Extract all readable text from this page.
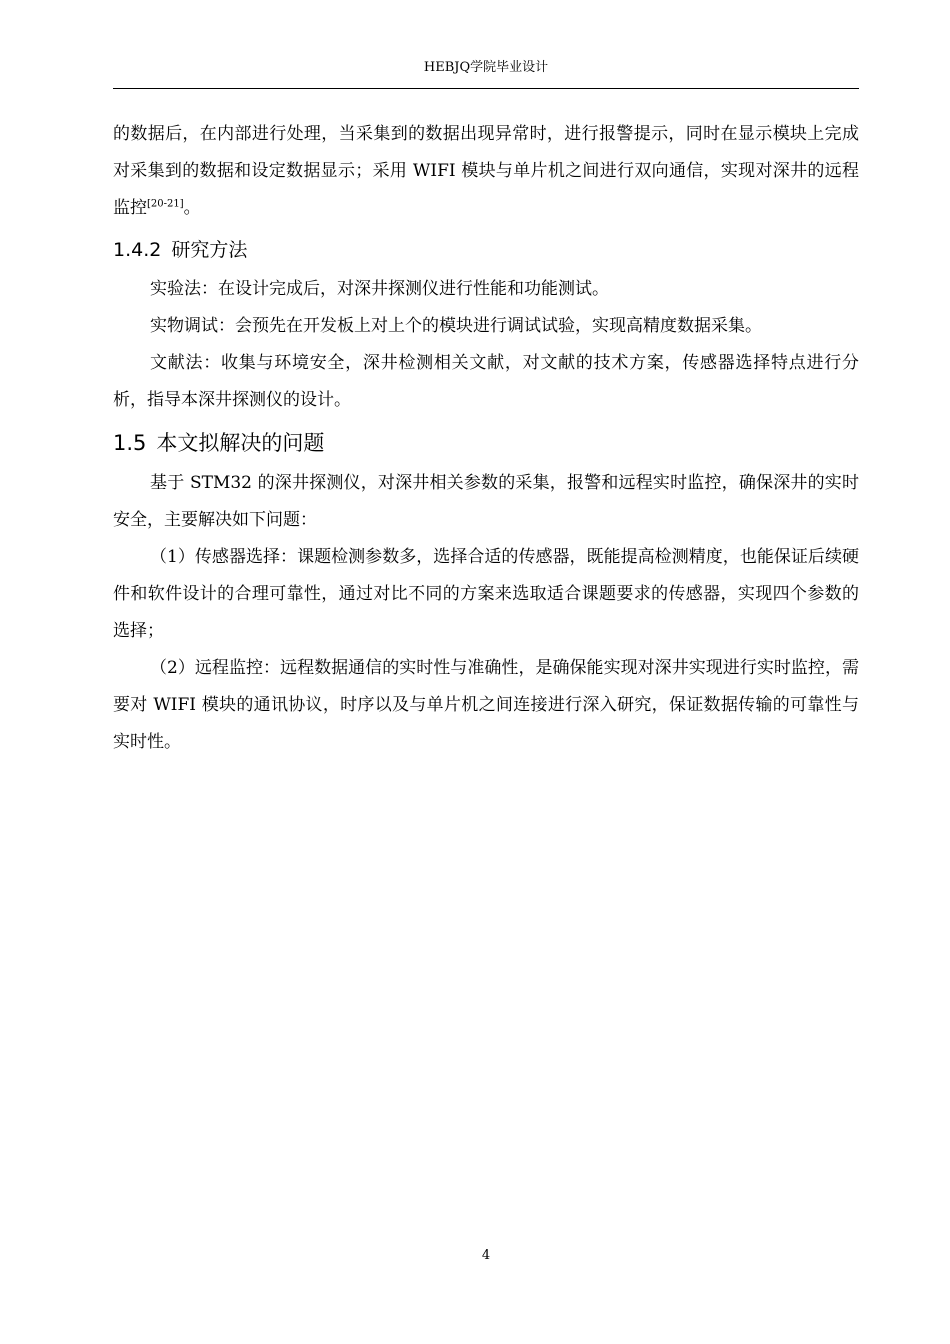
HEBJQ学院毕业设计

的数据后，在内部进行处理，当采集到的数据出现异常时，进行报警提示，同时在显示模块上完成对采集到的数据和设定数据显示；采用 WIFI 模块与单片机之间进行双向通信，实现对深井的远程监控[20-21]。

1.4.2 研究方法

实验法：在设计完成后，对深井探测仪进行性能和功能测试。

实物调试：会预先在开发板上对上个的模块进行调试试验，实现高精度数据采集。

文献法：收集与环境安全，深井检测相关文献，对文献的技术方案，传感器选择特点进行分析，指导本深井探测仪的设计。

1.5 本文拟解决的问题

基于 STM32 的深井探测仪，对深井相关参数的采集，报警和远程实时监控，确保深井的实时安全，主要解决如下问题：

（1）传感器选择：课题检测参数多，选择合适的传感器，既能提高检测精度，也能保证后续硬件和软件设计的合理可靠性，通过对比不同的方案来选取适合课题要求的传感器，实现四个参数的选择；

（2）远程监控：远程数据通信的实时性与准确性，是确保能实现对深井实现进行实时监控，需要对 WIFI 模块的通讯协议，时序以及与单片机之间连接进行深入研究，保证数据传输的可靠性与实时性。

4
